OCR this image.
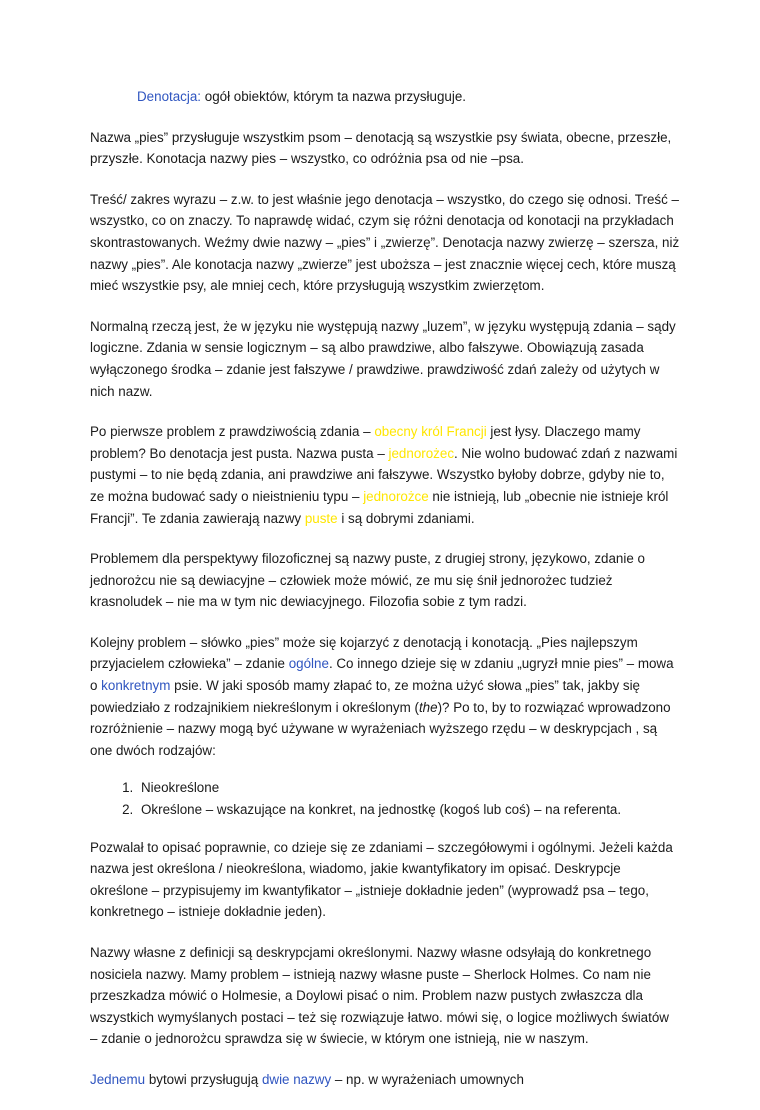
Denotacja: ogół obiektów, którym ta nazwa przysługuje.

Nazwa „pies” przysługuje wszystkim psom – denotacją są wszystkie psy świata, obecne, przeszłe, przyszłe. Konotacja nazwy pies – wszystko, co odróżnia psa od nie –psa.

Treść/ zakres wyrazu – z.w. to jest właśnie jego denotacja – wszystko, do czego się odnosi. Treść – wszystko, co on znaczy. To naprawdę widać, czym się różni denotacja od konotacji na przykładach skontrastowanych. Weźmy dwie nazwy – „pies” i „zwierzę”. Denotacja nazwy zwierzę – szersza, niż nazwy „pies”. Ale konotacja nazwy „zwierze” jest uboższa – jest znacznie więcej cech, które muszą mieć wszystkie psy, ale mniej cech, które przysługują wszystkim zwierzętom.

Normalną rzeczą jest, że w języku nie występują nazwy „luzem”, w języku występują zdania – sądy logiczne. Zdania w sensie logicznym – są albo prawdziwe, albo fałszywe. Obowiązują zasada wyłączonego środka – zdanie jest fałszywe / prawdziwe. prawdziwość zdań zależy od użytych w nich nazw.

Po pierwsze problem z prawdziwością zdania – obecny król Francji jest łysy. Dlaczego mamy problem? Bo denotacja jest pusta. Nazwa pusta – jednorożec. Nie wolno budować zdań z nazwami pustymi – to nie będą zdania, ani prawdziwe ani fałszywe. Wszystko byłoby dobrze, gdyby nie to, ze można budować sady o nieistnieniu typu – jednorożce nie istnieją, lub „obecnie nie istnieje król Francji”. Te zdania zawierają nazwy puste i są dobrymi zdaniami.

Problemem dla perspektywy filozoficznej są nazwy puste, z drugiej strony, językowo, zdanie o jednorożcu nie są dewiacyjne – człowiek może mówić, ze mu się śnił jednorożec tudzież krasnoludek – nie ma w tym nic dewiacyjnego. Filozofia sobie z tym radzi.

Kolejny problem – słówko „pies” może się kojarzyć z denotacją i konotacją. „Pies najlepszym przyjacielem człowieka” – zdanie ogólne. Co innego dzieje się w zdaniu „ugryzł mnie pies” – mowa o konkretnym psie. W jaki sposób mamy złapać to, ze można użyć słowa „pies” tak, jakby się powiedziało z rodzajnikiem niekreślonym i określonym (the)? Po to, by to rozwiązać wprowadzono rozróżnienie – nazwy mogą być używane w wyrażeniach wyższego rzędu – w deskrypcjach , są one dwóch rodzajów:

1. Nieokreślone
2. Określone – wskazujące na konkret, na jednostkę (kogoś lub coś) – na referenta.

Pozwalał to opisać poprawnie, co dzieje się ze zdaniami – szczegółowymi i ogólnymi. Jeżeli każda nazwa jest określona / nieokreślona, wiadomo, jakie kwantyfikatory im opisać. Deskrypcje określone – przypisujemy im kwantyfikator – „istnieje dokładnie jeden” (wyprowadź psa – tego, konkretnego – istnieje dokładnie jeden).

Nazwy własne z definicji są deskrypcjami określonymi. Nazwy własne odsyłają do konkretnego nosiciela nazwy. Mamy problem – istnieją nazwy własne puste – Sherlock Holmes. Co nam nie przeszkadza mówić o Holmesie, a Doylowi pisać o nim. Problem nazw pustych zwłaszcza dla wszystkich wymyślanych postaci – też się rozwiązuje łatwo. mówi się, o logice możliwych światów – zdanie o jednorożcu sprawdza się w świecie, w którym one istnieją, nie w naszym.

Jednemu bytowi przysługują dwie nazwy – np. w wyrażeniach umownych
